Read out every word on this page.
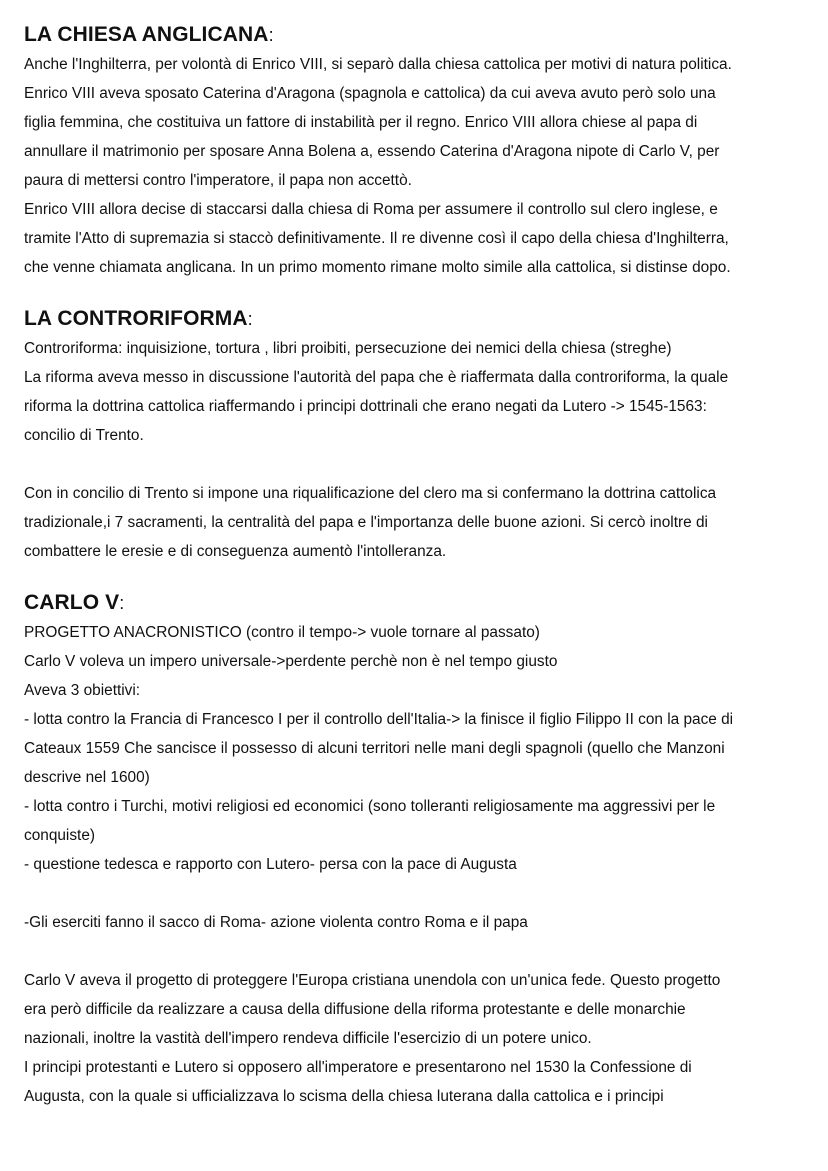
LA CHIESA ANGLICANA:
Anche l'Inghilterra, per volontà di Enrico VIII, si separò dalla chiesa cattolica per motivi di natura politica.
Enrico VIII aveva sposato Caterina d'Aragona (spagnola e cattolica) da cui aveva avuto però solo una
figlia femmina, che costituiva un fattore di instabilità per il regno. Enrico VIII allora chiese al papa di
annullare il matrimonio per sposare Anna Bolena a, essendo Caterina d'Aragona nipote di Carlo V, per
paura di mettersi contro l'imperatore, il papa non accettò.
Enrico VIII allora decise di staccarsi dalla chiesa di Roma per assumere il controllo sul clero inglese, e
tramite l'Atto di supremazia si staccò definitivamente. Il re divenne così il capo della chiesa d'Inghilterra,
che venne chiamata anglicana. In un primo momento rimane molto simile alla cattolica, si distinse dopo.
LA CONTRORIFORMA:
Controriforma: inquisizione, tortura , libri proibiti, persecuzione dei nemici della chiesa (streghe)
La riforma aveva messo in discussione l'autorità del papa che è riaffermata dalla controriforma, la quale
riforma la dottrina cattolica riaffermando i principi dottrinali che erano negati da Lutero -> 1545-1563:
concilio di Trento.
Con in concilio di Trento si impone una riqualificazione del clero ma si confermano la dottrina cattolica
tradizionale,i 7 sacramenti, la centralità del papa e l'importanza delle buone azioni. Si cercò inoltre di
combattere le eresie e di conseguenza aumentò l'intolleranza.
CARLO V:
PROGETTO ANACRONISTICO (contro il tempo-> vuole tornare al passato)
Carlo V voleva un impero universale->perdente perchè non è nel tempo giusto
Aveva 3 obiettivi:
- lotta contro la Francia di Francesco I per il controllo dell'Italia-> la finisce il figlio Filippo II con la pace di
Cateaux 1559 Che sancisce il possesso di alcuni territori nelle mani degli spagnoli (quello che Manzoni
descrive nel 1600)
- lotta contro i Turchi, motivi religiosi ed economici (sono tolleranti religiosamente ma aggressivi per le
conquiste)
- questione tedesca e rapporto con Lutero- persa con la pace di Augusta
-Gli eserciti fanno il sacco di Roma- azione violenta contro Roma e il papa
Carlo V aveva il progetto di proteggere l'Europa cristiana unendola con un'unica fede. Questo progetto
era però difficile da realizzare a causa della diffusione della riforma protestante e delle monarchie
nazionali, inoltre la vastità dell'impero rendeva difficile l'esercizio di un potere unico.
I principi protestanti e Lutero si opposero all'imperatore e presentarono nel 1530 la Confessione di
Augusta, con la quale si ufficializzava lo scisma della chiesa luterana dalla cattolica e i principi
